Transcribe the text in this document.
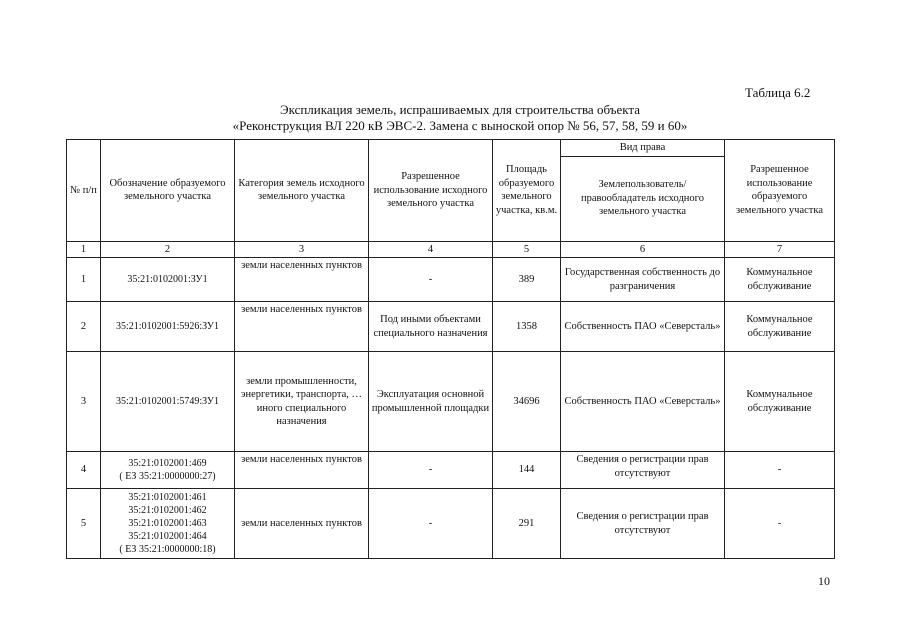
Таблица 6.2
Экспликация земель, испрашиваемых для строительства объекта
«Реконструкция ВЛ 220 кВ ЭВС-2. Замена с выноской опор № 56, 57, 58, 59 и 60»
№ п/п	Обозначение образуемого земельного участка	Категория земель исходного земельного участка	Разрешенное использование исходного земельного участка	Площадь образуемого земельного участка, кв.м.	Вид права	Разрешенное использование образуемого земельного участка
					Землепользователь/ правообладатель исходного земельного участка	
1	2	3	4	5	6	7
1	35:21:0102001:ЗУ1	земли населенных пунктов	-	389	Государственная собственность до разграничения	Коммунальное обслуживание
2	35:21:0102001:5926:ЗУ1	земли населенных пунктов	Под иными объектами специального назначения	1358	Собственность ПАО «Северсталь»	Коммунальное обслуживание
3	35:21:0102001:5749:ЗУ1	земли промышленности, энергетики, транспорта, … иного специального назначения	Эксплуатация основной промышленной площадки	34696	Собственность ПАО «Северсталь»	Коммунальное обслуживание
4	35:21:0102001:469
( ЕЗ 35:21:0000000:27)	земли населенных пунктов	-	144	Сведения о регистрации прав отсутствуют	-
5	35:21:0102001:461
35:21:0102001:462
35:21:0102001:463
35:21:0102001:464
( ЕЗ 35:21:0000000:18)	земли населенных пунктов	-	291	Сведения о регистрации прав отсутствуют	-
10
